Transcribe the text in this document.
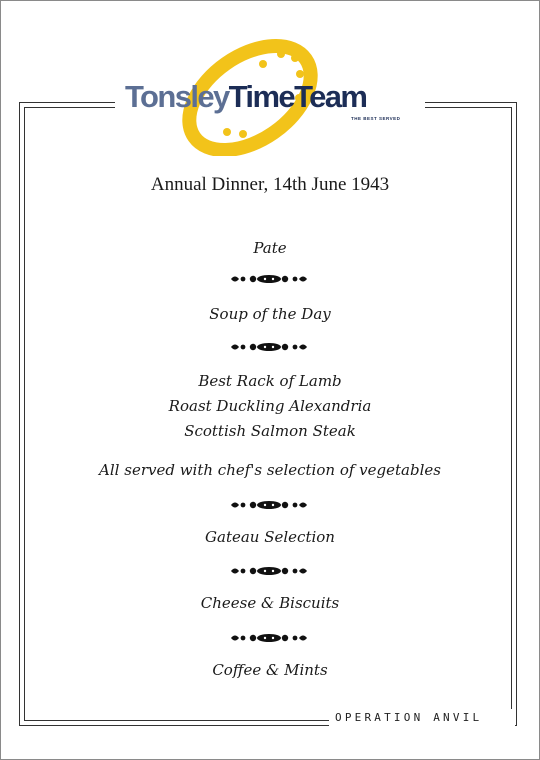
TonsleyTimeTeam
THE BEST SERVED
Annual Dinner, 14th June 1943
Pate
Soup of the Day
Best Rack of Lamb
Roast Duckling Alexandria
Scottish Salmon Steak
All served with chef's selection of vegetables
Gateau Selection
Cheese & Biscuits
Coffee & Mints
OPERATION ANVIL
